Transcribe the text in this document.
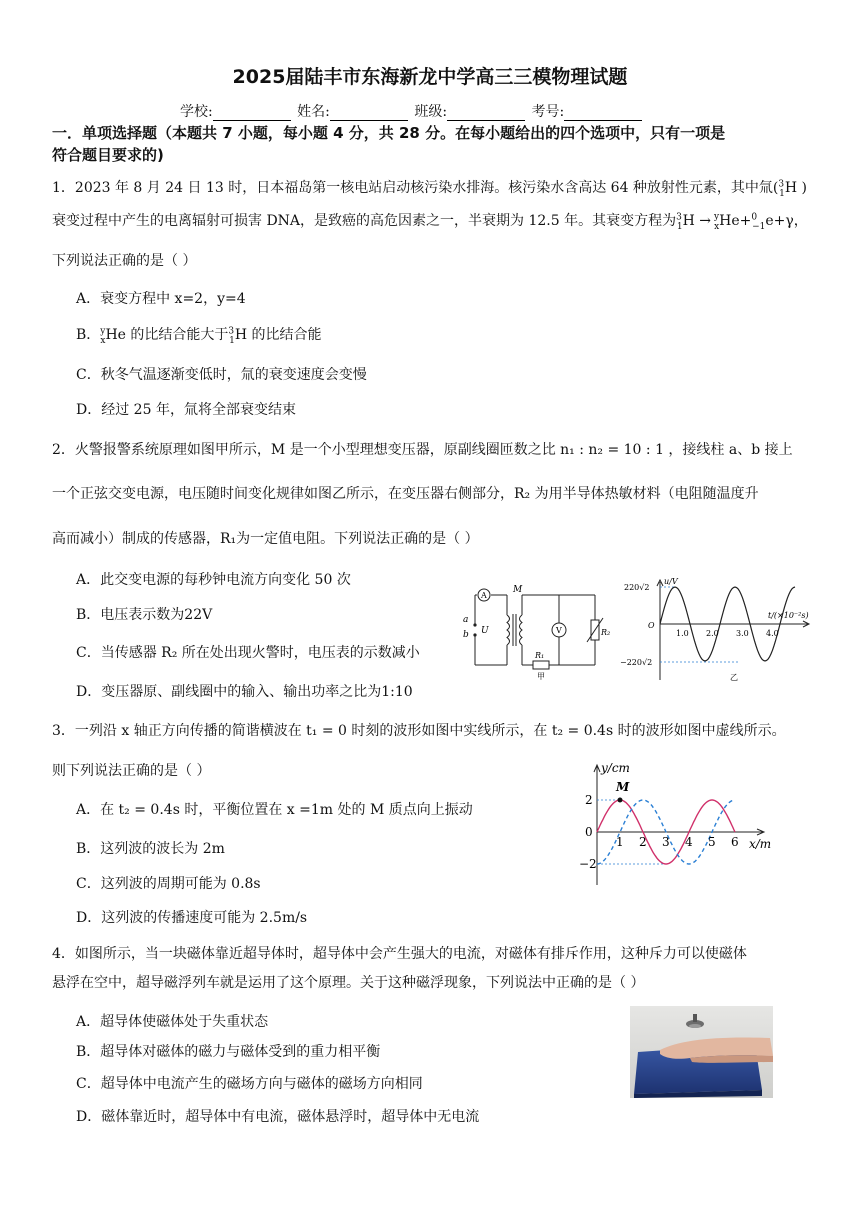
2025届陆丰市东海新龙中学高三三模物理试题
学校:	姓名:	班级:	考号:
一．单项选择题（本题共 7 小题，每小题 4 分，共 28 分。在每小题给出的四个选项中，只有一项是
符合题目要求的)
1．2023 年 8 月 24 日 13 时，日本福岛第一核电站启动核污染水排海。核污染水含高达 64 种放射性元素，其中氚($^3_1$H )
衰变过程中产生的电离辐射可损害 DNA，是致癌的高危因素之一，半衰期为 12.5 年。其衰变方程为$^3_1$H → $^y_x$He+$^0_{-1}$e+γ，
下列说法正确的是（ ）
A．衰变方程中 x=2，y=4
B．$^y_x$He 的比结合能大于$^3_1$H 的比结合能
C．秋冬气温逐渐变低时，氚的衰变速度会变慢
D．经过 25 年，氚将全部衰变结束
2．火警报警系统原理如图甲所示，M 是一个小型理想变压器，原副线圈匝数之比 n₁ : n₂ = 10 : 1 ，接线柱 a、b 接上
一个正弦交变电源，电压随时间变化规律如图乙所示，在变压器右侧部分，R₂ 为用半导体热敏材料（电阻随温度升
高而减小）制成的传感器，R₁为一定值电阻。下列说法正确的是（ ）
A．此交变电源的每秒钟电流方向变化 50 次
B．电压表示数为22V
C．当传感器 R₂ 所在处出现火警时，电压表的示数减小
D．变压器原、副线圈中的输入、输出功率之比为1:10
a
b U
M
A
V
R₁
R₂
甲
u/V
t/(×10⁻²s)
220√2
−220√2
O
1.0 2.0 3.0 4.0
乙
3．一列沿 x 轴正方向传播的简谐横波在 t₁ = 0 时刻的波形如图中实线所示，在 t₂ = 0.4s 时的波形如图中虚线所示。
则下列说法正确的是（ ）
A．在 t₂ = 0.4s 时，平衡位置在 x =1m 处的 M 质点向上振动
B．这列波的波长为 2m
C．这列波的周期可能为 0.8s
D．这列波的传播速度可能为 2.5m/s
y/cm
x/m
M
2
−2
0
1 2 3 4 5 6
4．如图所示，当一块磁体靠近超导体时，超导体中会产生强大的电流，对磁体有排斥作用，这种斥力可以使磁体
悬浮在空中，超导磁浮列车就是运用了这个原理。关于这种磁浮现象，下列说法中正确的是（ ）
A．超导体使磁体处于失重状态
B．超导体对磁体的磁力与磁体受到的重力相平衡
C．超导体中电流产生的磁场方向与磁体的磁场方向相同
D．磁体靠近时，超导体中有电流，磁体悬浮时，超导体中无电流
